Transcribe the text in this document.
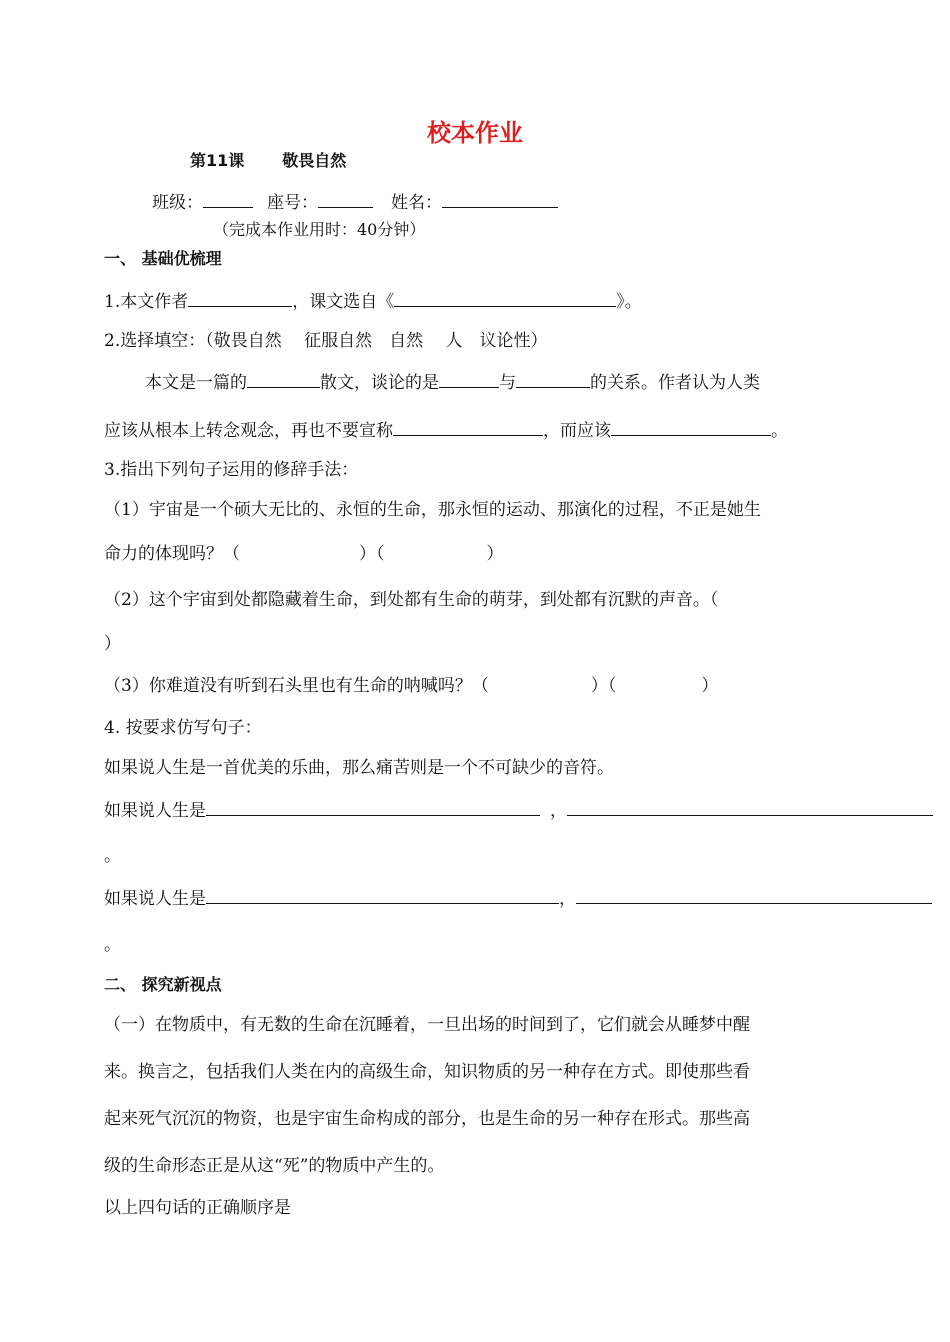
校本作业
第11课 敬畏自然
班级：	座号：	姓名：
（完成本作业用时：40分钟）
一、 基础优梳理
1.本文作者	，课文选自《	》。
2.选择填空：（敬畏自然　 征服自然　自然　 人　议论性）
本文是一篇的	散文，谈论的是	与	的关系。作者认为人类
应该从根本上转念观念，再也不要宣称	，而应该	。
3.指出下列句子运用的修辞手法：
（1）宇宙是一个硕大无比的、永恒的生命，那永恒的运动、那演化的过程，不正是她生
命力的体现吗？（　　　　　　　）（　　　　　　）
（2）这个宇宙到处都隐藏着生命，到处都有生命的萌芽，到处都有沉默的声音。（
）
（3）你难道没有听到石头里也有生命的呐喊吗？（　　　　　　）（　　　　　）
4. 按要求仿写句子：
如果说人生是一首优美的乐曲，那么痛苦则是一个不可缺少的音符。
如果说人生是	，
。
如果说人生是	，
。
二、 探究新视点
（一）在物质中，有无数的生命在沉睡着，一旦出场的时间到了，它们就会从睡梦中醒
来。换言之，包括我们人类在内的高级生命，知识物质的另一种存在方式。即使那些看
起来死气沉沉的物资，也是宇宙生命构成的部分，也是生命的另一种存在形式。那些高
级的生命形态正是从这“死”的物质中产生的。
以上四句话的正确顺序是
